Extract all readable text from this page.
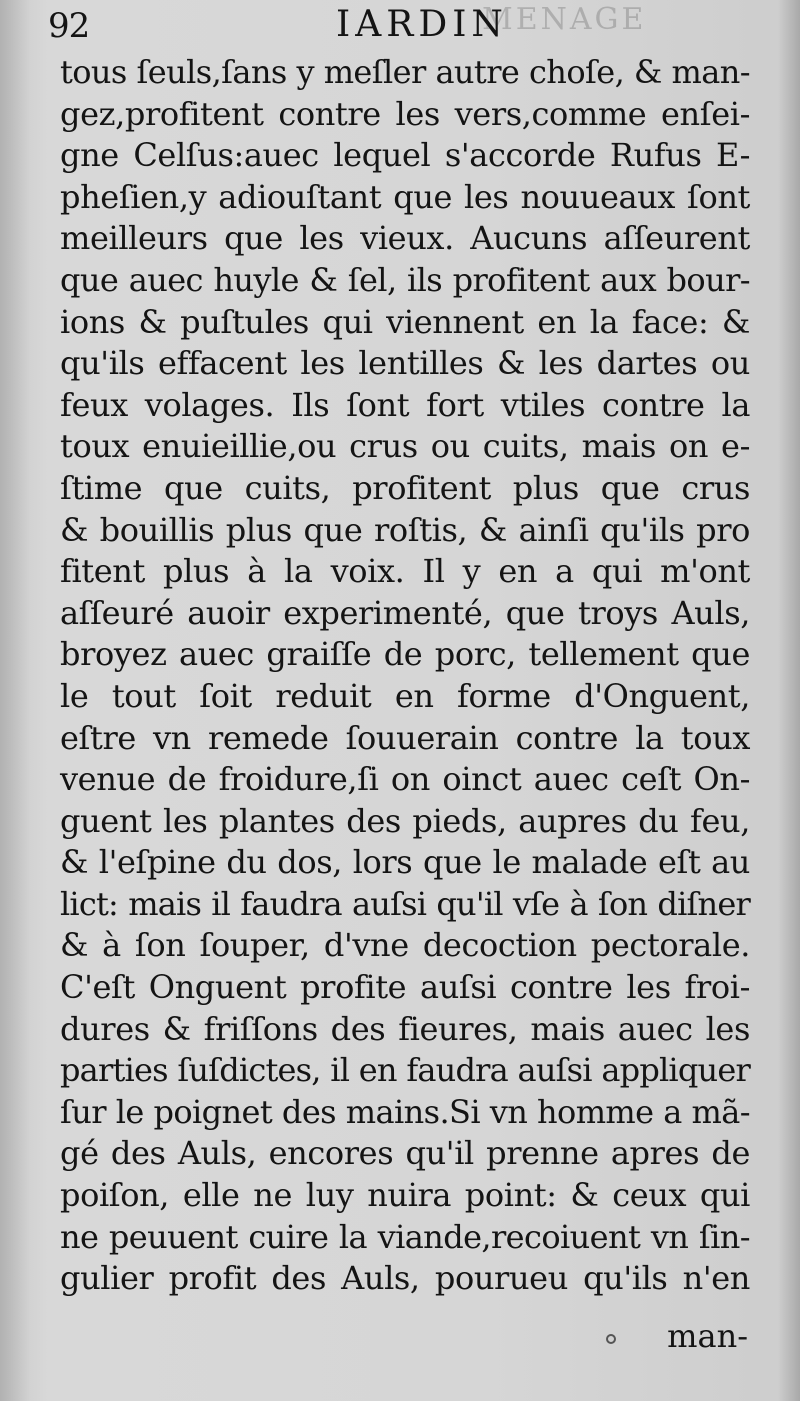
92	IARDIN
MENAGE
tous ſeuls,ſans y meſler autre choſe, & man-
gez,profitent contre les vers,comme enſei-
gne Celſus:auec lequel s'accorde Rufus E-
pheſien,y adiouſtant que les nouueaux ſont
meilleurs que les vieux. Aucuns aſſeurent
que auec huyle & ſel, ils profitent aux bour-
ions & puſtules qui viennent en la face: &
qu'ils effacent les lentilles & les dartes ou
feux volages. Ils ſont fort vtiles contre la
toux enuieillie,ou crus ou cuits, mais on e-
ſtime que cuits, profitent plus que crus
& bouillis plus que roſtis, & ainſi qu'ils pro
fitent plus à la voix. Il y en a qui m'ont
aſſeuré auoir experimenté, que troys Auls,
broyez auec graiſſe de porc, tellement que
le tout ſoit reduit en forme d'Onguent,
eſtre vn remede ſouuerain contre la toux
venue de froidure,ſi on oinct auec ceſt On-
guent les plantes des pieds, aupres du feu,
& l'eſpine du dos, lors que le malade eſt au
lict: mais il faudra auſsi qu'il vſe à ſon diſner
& à ſon ſouper, d'vne decoction pectorale.
C'eſt Onguent profite auſsi contre les froi-
dures & friſſons des fieures, mais auec les
parties ſuſdictes, il en faudra auſsi appliquer
ſur le poignet des mains.Si vn homme a mã-
gé des Auls, encores qu'il prenne apres de
poiſon, elle ne luy nuira point: & ceux qui
ne peuuent cuire la viande,recoiuent vn ſin-
gulier profit des Auls, pourueu qu'ils n'en
man-
